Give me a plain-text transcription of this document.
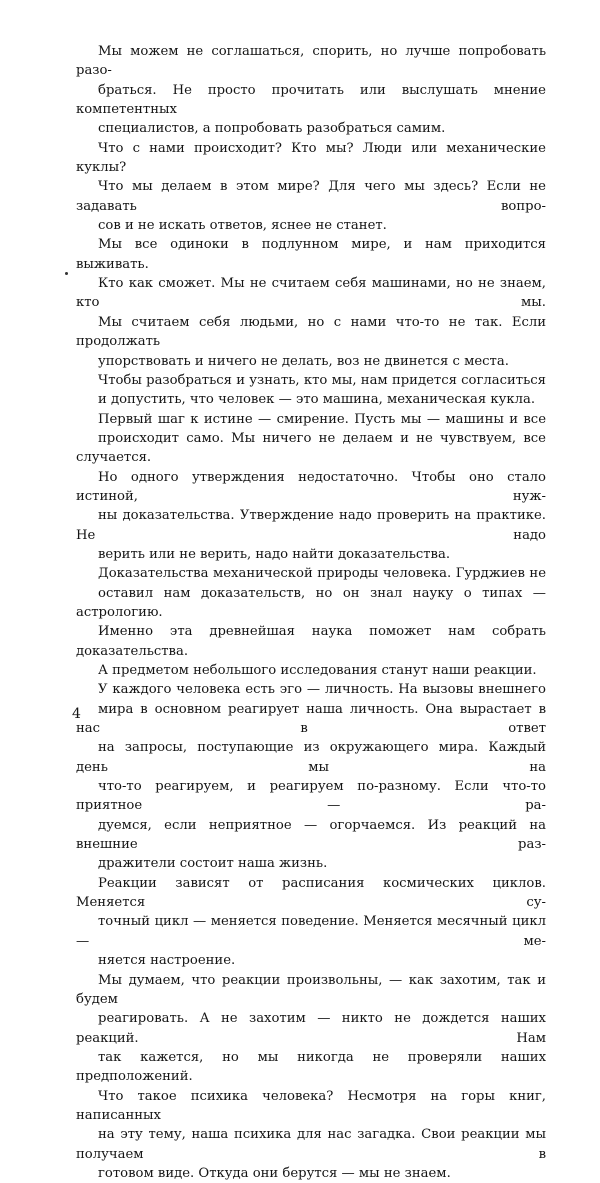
Мы можем не соглашаться, спорить, но лучше попробовать разо-
браться. Не просто прочитать или выслушать мнение компетентных
специалистов, а попробовать разобраться самим.

Что с нами происходит? Кто мы? Люди или механические куклы?
Что мы делаем в этом мире? Для чего мы здесь? Если не задавать вопро-
сов и не искать ответов, яснее не станет.

Мы все одиноки в подлунном мире, и нам приходится выживать.
Кто как сможет. Мы не считаем себя машинами, но не знаем, кто мы.
Мы считаем себя людьми, но с нами что-то не так. Если продолжать
упорствовать и ничего не делать, воз не двинется с места.

Чтобы разобраться и узнать, кто мы, нам придется согласиться
и допустить, что человек — это машина, механическая кукла.

Первый шаг к истине — смирение. Пусть мы — машины и все
происходит само. Мы ничего не делаем и не чувствуем, все случается.
Но одного утверждения недостаточно. Чтобы оно стало истиной, нуж-
ны доказательства. Утверждение надо проверить на практике. Не надо
верить или не верить, надо найти доказательства.

Доказательства механической природы человека. Гурджиев не
оставил нам доказательств, но он знал науку о типах — астрологию.
Именно эта древнейшая наука поможет нам собрать доказательства.
А предметом небольшого исследования станут наши реакции.

У каждого человека есть эго — личность. На вызовы внешнего
мира в основном реагирует наша личность. Она вырастает в нас в ответ
на запросы, поступающие из окружающего мира. Каждый день мы на
что-то реагируем, и реагируем по-разному. Если что-то приятное — ра-
дуемся, если неприятное — огорчаемся. Из реакций на внешние раз-
дражители состоит наша жизнь.

Реакции зависят от расписания космических циклов. Меняется су-
точный цикл — меняется поведение. Меняется месячный цикл — ме-
няется настроение.

Мы думаем, что реакции произвольны, — как захотим, так и будем
реагировать. А не захотим — никто не дождется наших реакций. Нам
так кажется, но мы никогда не проверяли наших предположений.

Что такое психика человека? Несмотря на горы книг, написанных
на эту тему, наша психика для нас загадка. Свои реакции мы получаем в
готовом виде. Откуда они берутся — мы не знаем.

4
